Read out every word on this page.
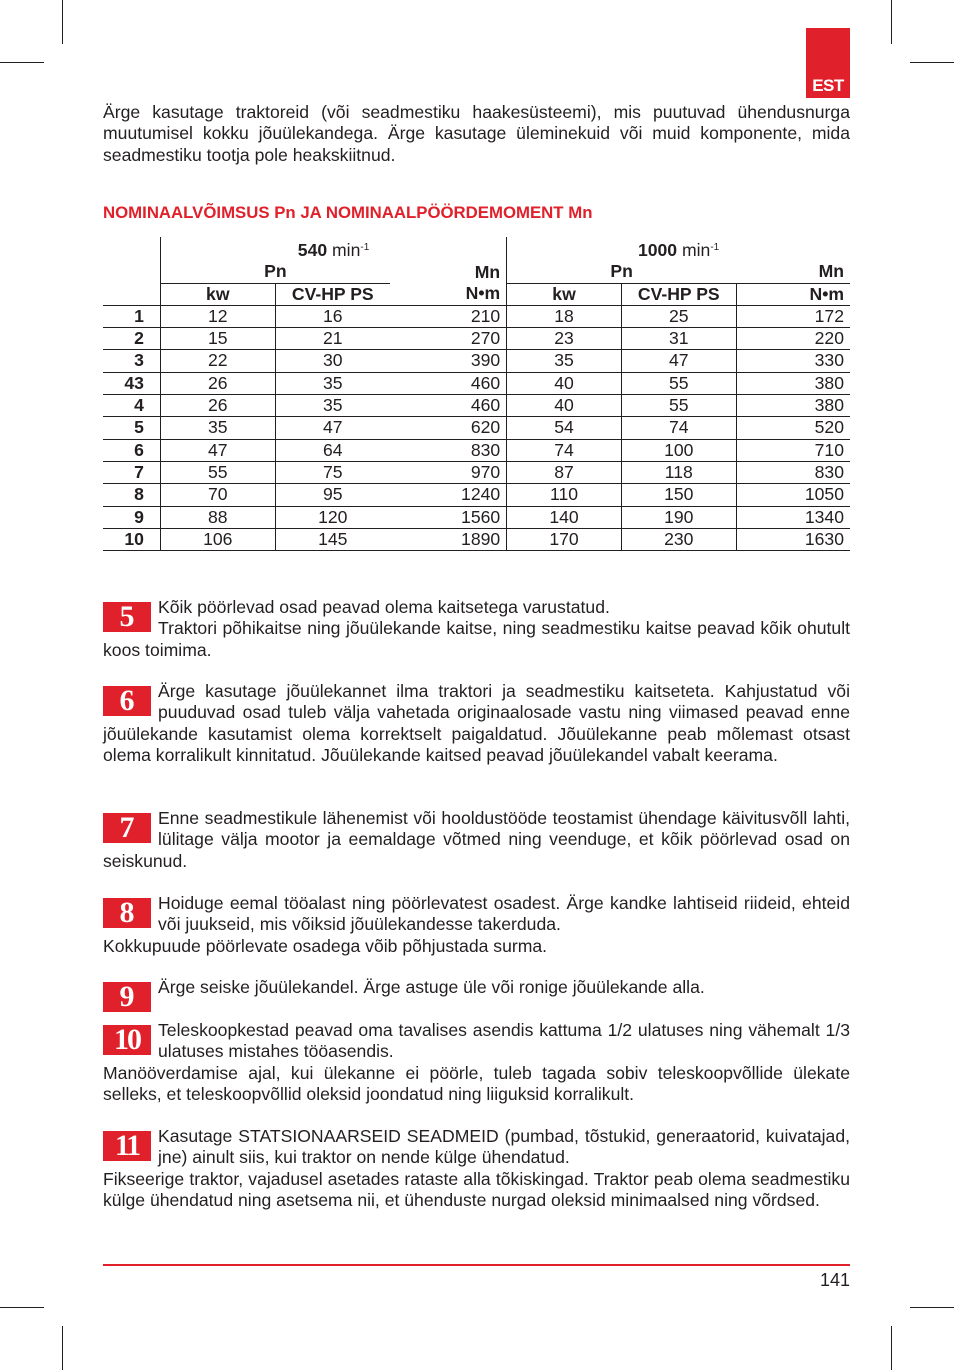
EST
Ärge kasutage traktoreid (või seadmestiku haakesüsteemi), mis puutuvad ühendusnurga muutumisel kokku jõuülekandega. Ärge kasutage üleminekuid või muid komponente, mida seadmestiku tootja pole heakskiitnud.
NOMINAALVÕIMSUS Pn JA NOMINAALPÖÖRDEMOMENT Mn
	540 $\min^{-1}$			1000 $\min^{-1}$
	Pn		Mn	Pn		Mn
	kw	CV-HP PS	N•m	kw	CV-HP PS	N•m
1	12	16	210	18	25	172
2	15	21	270	23	31	220
3	22	30	390	35	47	330
43	26	35	460	40	55	380
4	26	35	460	40	55	380
5	35	47	620	54	74	520
6	47	64	830	74	100	710
7	55	75	970	87	118	830
8	70	95	1240	110	150	1050
9	88	120	1560	140	190	1340
10	106	145	1890	170	230	1630
5	Kõik pöörlevad osad peavad olema kaitsetega varustatud.
Traktori põhikaitse ning jõuülekande kaitse, ning seadmestiku kaitse peavad kõik ohutult koos toimima.
6	Ärge kasutage jõuülekannet ilma traktori ja seadmestiku kaitseteta. Kahjustatud või puuduvad osad tuleb välja vahetada originaalosade vastu ning viimased peavad enne jõuülekande kasutamist olema korrektselt paigaldatud. Jõuülekanne peab mõlemast otsast olema korralikult kinnitatud. Jõuülekande kaitsed peavad jõuülekandel vabalt keerama.
7	Enne seadmestikule lähenemist või hooldustööde teostamist ühendage käivitusvõll lahti, lülitage välja mootor ja eemaldage võtmed ning veenduge, et kõik pöörlevad osad on seiskunud.
8	Hoiduge eemal tööalast ning pöörlevatest osadest. Ärge kandke lahtiseid riideid, ehteid või juukseid, mis võiksid jõuülekandesse takerduda.
Kokkupuude pöörlevate osadega võib põhjustada surma.
9	Ärge seiske jõuülekandel. Ärge astuge üle või ronige jõuülekande alla.
10	Teleskoopkestad peavad oma tavalises asendis kattuma 1/2 ulatuses ning vähemalt 1/3 ulatuses mistahes tööasendis.
Manööverdamise ajal, kui ülekanne ei pöörle, tuleb tagada sobiv teleskoopvõllide ülekate selleks, et teleskoopvõllid oleksid joondatud ning liiguksid korralikult.
11	Kasutage STATSIONAARSEID SEADMEID (pumbad, tõstukid, generaatorid, kuivatajad, jne) ainult siis, kui traktor on nende külge ühendatud.
Fikseerige traktor, vajadusel asetades rataste alla tõkiskingad. Traktor peab olema seadmestiku külge ühendatud ning asetsema nii, et ühenduste nurgad oleksid minimaalsed ning võrdsed.
141
